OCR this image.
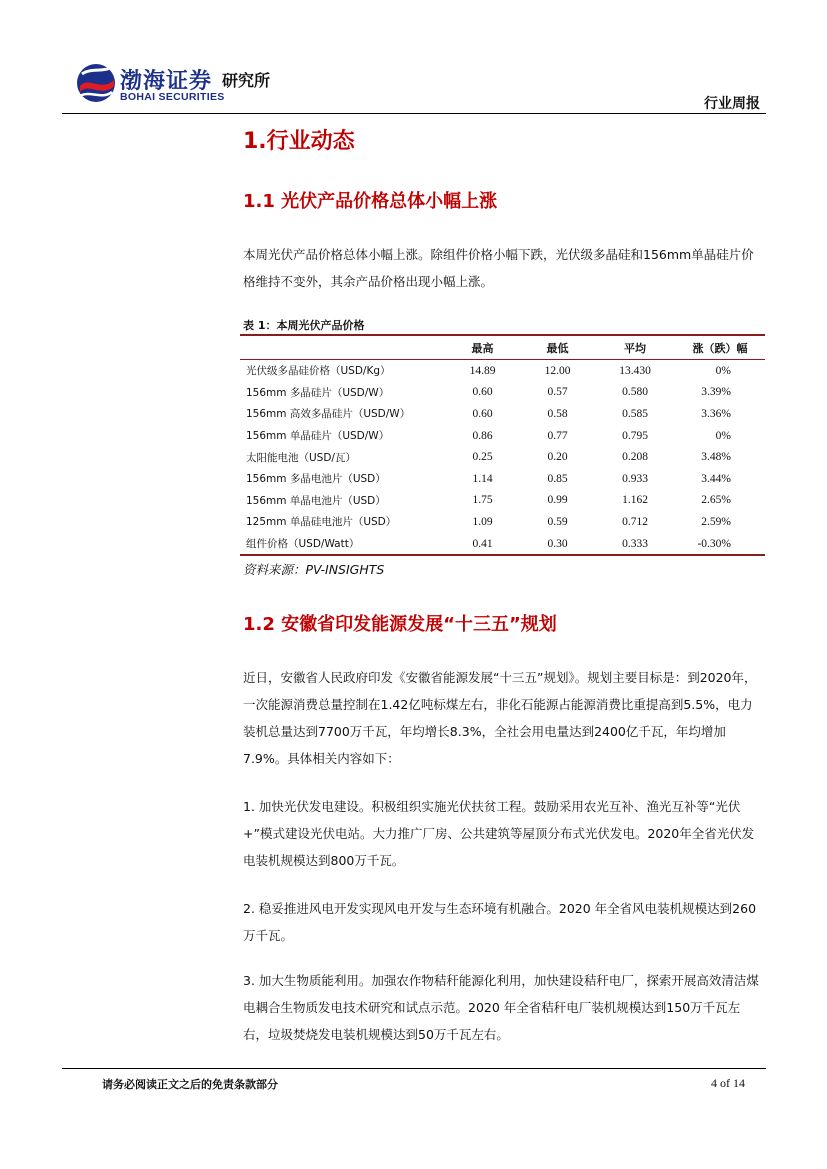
渤海证券
BOHAI SECURITIES
研究所
行业周报
1.行业动态
1.1 光伏产品价格总体小幅上涨

本周光伏产品价格总体小幅上涨。除组件价格小幅下跌，光伏级多晶硅和156mm单晶硅片价格维持不变外，其余产品价格出现小幅上涨。

表 1：本周光伏产品价格
	最高	最低	平均	涨（跌）幅
光伏级多晶硅价格（USD/Kg）	14.89	12.00	13.430	0%
156mm 多晶硅片（USD/W）	0.60	0.57	0.580	3.39%
156mm 高效多晶硅片（USD/W）	0.60	0.58	0.585	3.36%
156mm 单晶硅片（USD/W）	0.86	0.77	0.795	0%
太阳能电池（USD/瓦）	0.25	0.20	0.208	3.48%
156mm 多晶电池片（USD）	1.14	0.85	0.933	3.44%
156mm 单晶电池片（USD）	1.75	0.99	1.162	2.65%
125mm 单晶硅电池片（USD）	1.09	0.59	0.712	2.59%
组件价格（USD/Watt）	0.41	0.30	0.333	-0.30%
资料来源：PV-INSIGHTS
1.2 安徽省印发能源发展“十三五”规划

近日，安徽省人民政府印发《安徽省能源发展“十三五”规划》。规划主要目标是：到2020年，一次能源消费总量控制在1.42亿吨标煤左右，非化石能源占能源消费比重提高到5.5%，电力装机总量达到7700万千瓦，年均增长8.3%，全社会用电量达到2400亿千瓦，年均增加7.9%。具体相关内容如下：

1. 加快光伏发电建设。积极组织实施光伏扶贫工程。鼓励采用农光互补、渔光互补等“光伏+”模式建设光伏电站。大力推广厂房、公共建筑等屋顶分布式光伏发电。2020年全省光伏发电装机规模达到800万千瓦。

2. 稳妥推进风电开发实现风电开发与生态环境有机融合。2020 年全省风电装机规模达到260万千瓦。

3. 加大生物质能利用。加强农作物秸秆能源化利用，加快建设秸秆电厂，探索开展高效清洁煤电耦合生物质发电技术研究和试点示范。2020 年全省秸秆电厂装机规模达到150万千瓦左右，垃圾焚烧发电装机规模达到50万千瓦左右。

请务必阅读正文之后的免责条款部分	4 of 14
